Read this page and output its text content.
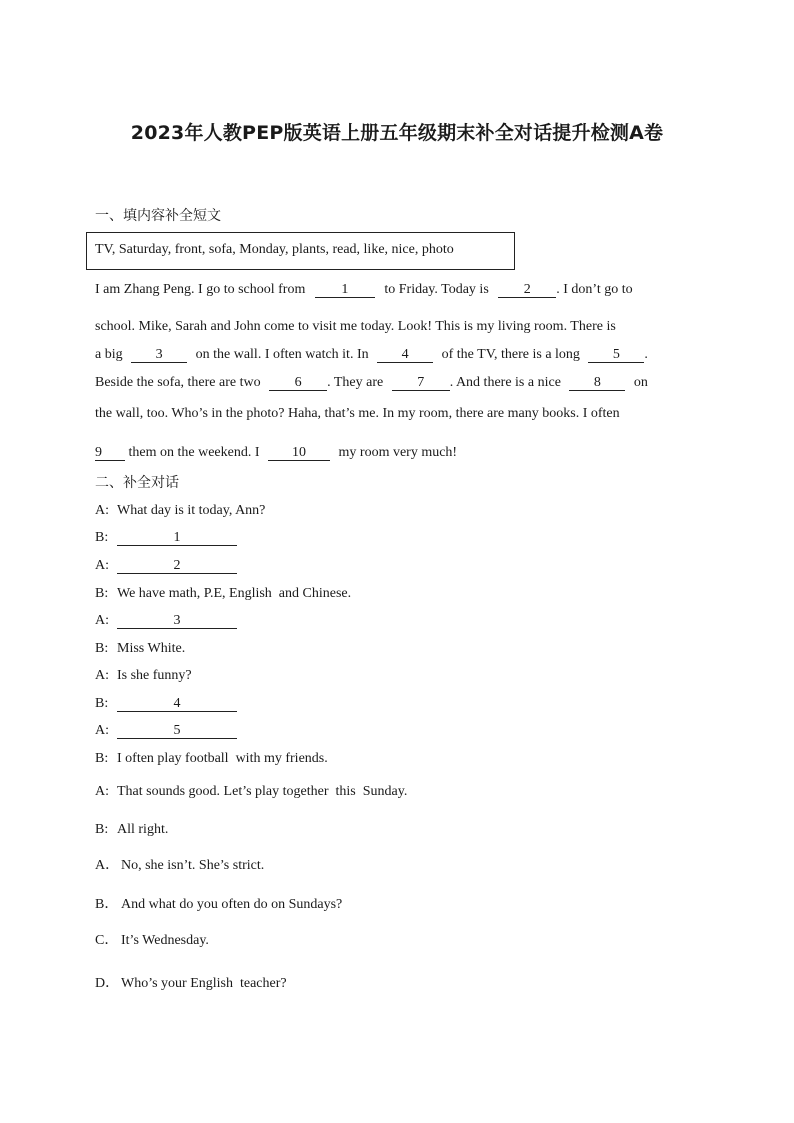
2023年人教PEP版英语上册五年级期末补全对话提升检测A卷
一、填内容补全短文
TV, Saturday, front, sofa, Monday, plants, read, like, nice, photo
I am Zhang Peng. I go to school from	1	to Friday. Today is	2 . I don’t go to
school. Mike, Sarah and John come to visit me today. Look! This is my living room. There is
a big 3 on the wall. I often watch it. In 4 of the TV, there is a long 5 .
Beside the sofa, there are two 6 . They are 7 . And there is a nice 8 on
the wall, too. Who’s in the photo? Haha, that’s me. In my room, there are many books. I often
9 them on the weekend. I 10 my room very much!
二、补全对话
A: What day is it today, Ann?
B:	1
A:	2
B: We have math, P.E, English  and Chinese.
A:	3
B: Miss White.
A: Is she funny?
B:	4
A:	5
B: I often play football  with my friends.
A: That sounds good. Let’s play together  this  Sunday.
B: All right.
A． No, she isn’t. She’s strict.
B． And what do you often do on Sundays?
C． It’s Wednesday.
D． Who’s your English  teacher?
